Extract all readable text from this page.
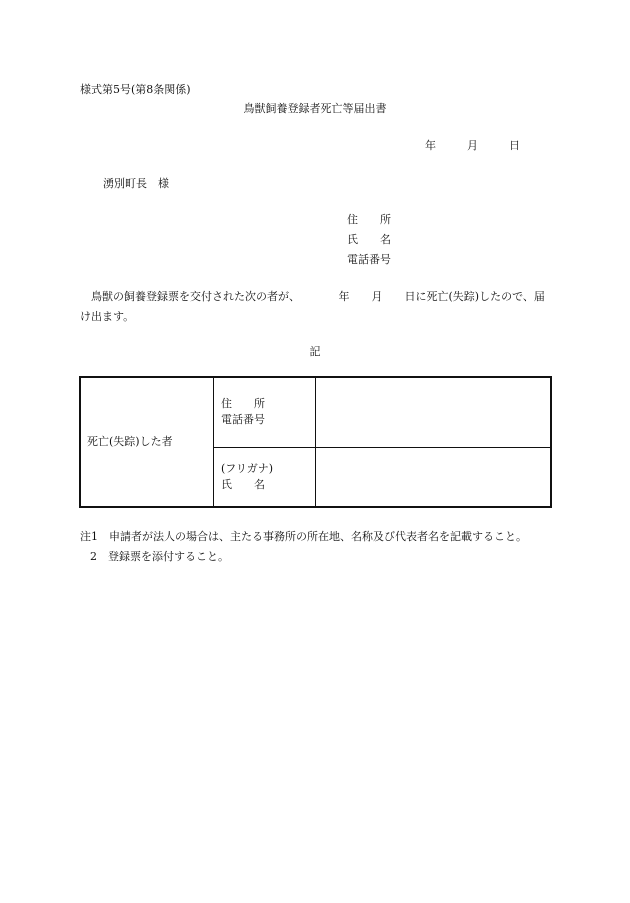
様式第5号(第8条関係)
鳥獣飼養登録者死亡等届出書
年	月	日
湧別町長　様
住　　所
氏　　名
電話番号
鳥獣の飼養登録票を交付された次の者が、　　　　年　　月　　日に死亡(失踪)したので、届け出ます。
記
死亡(失踪)した者	住　　所
電話番号	

	(フリガナ)
氏　　名	

注1　申請者が法人の場合は、主たる事務所の所在地、名称及び代表者名を記載すること。
2　登録票を添付すること。
